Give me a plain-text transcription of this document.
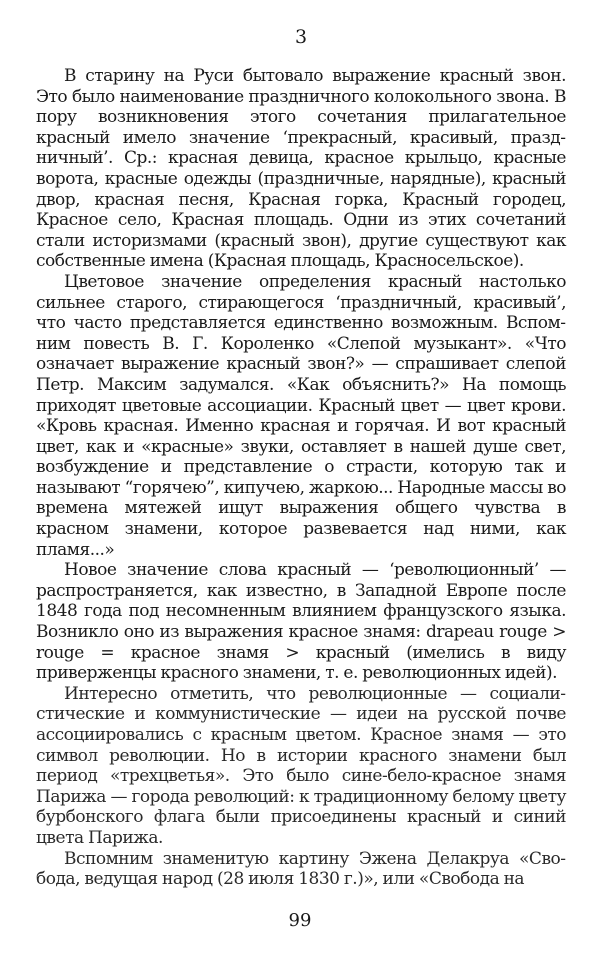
3

В старину на Руси бытовало выражение красный звон. Это было наименование праздничного колокольного звона. В пору возникновения этого сочетания прилагательное красный имело значение ‘прекрасный, красивый, праздничный’. Ср.: красная девица, красное крыльцо, красные ворота, красные одежды (праздничные, нарядные), красный двор, красная песня, Красная горка, Красный городец, Красное село, Красная площадь. Одни из этих сочетаний стали историзмами (красный звон), другие существуют как собственные имена (Красная площадь, Красносельское).

Цветовое значение определения красный настолько сильнее старого, стирающегося ‘праздничный, красивый’, что часто представляется единственно возможным. Вспомним повесть В. Г. Короленко «Слепой музыкант». «Что означает выражение красный звон?» — спрашивает слепой Петр. Максим задумался. «Как объяснить?» На помощь приходят цветовые ассоциации. Красный цвет — цвет крови. «Кровь красная. Именно красная и горячая. И вот красный цвет, как и «красные» звуки, оставляет в нашей душе свет, возбуждение и представление о страсти, которую так и называют “горячею”, кипучею, жаркою... Народные массы во времена мятежей ищут выражения общего чувства в красном знамени, которое развевается над ними, как пламя...»

Новое значение слова красный — ‘революционный’ — распространяется, как известно, в Западной Европе после 1848 года под несомненным влиянием французского языка. Возникло оно из выражения красное знамя: drapeau rouge > rouge = красное знамя > красный (имелись в виду приверженцы красного знамени, т. е. революционных идей).

Интересно отметить, что революционные — социалистические и коммунистические — идеи на русской почве ассоциировались с красным цветом. Красное знамя — это символ революции. Но в истории красного знамени был период «трехцветья». Это было сине-бело-красное знамя Парижа — города революций: к традиционному белому цвету бурбонского флага были присоединены красный и синий цвета Парижа.

Вспомним знаменитую картину Эжена Делакруа «Свобода, ведущая народ (28 июля 1830 г.)», или «Свобода на

99
